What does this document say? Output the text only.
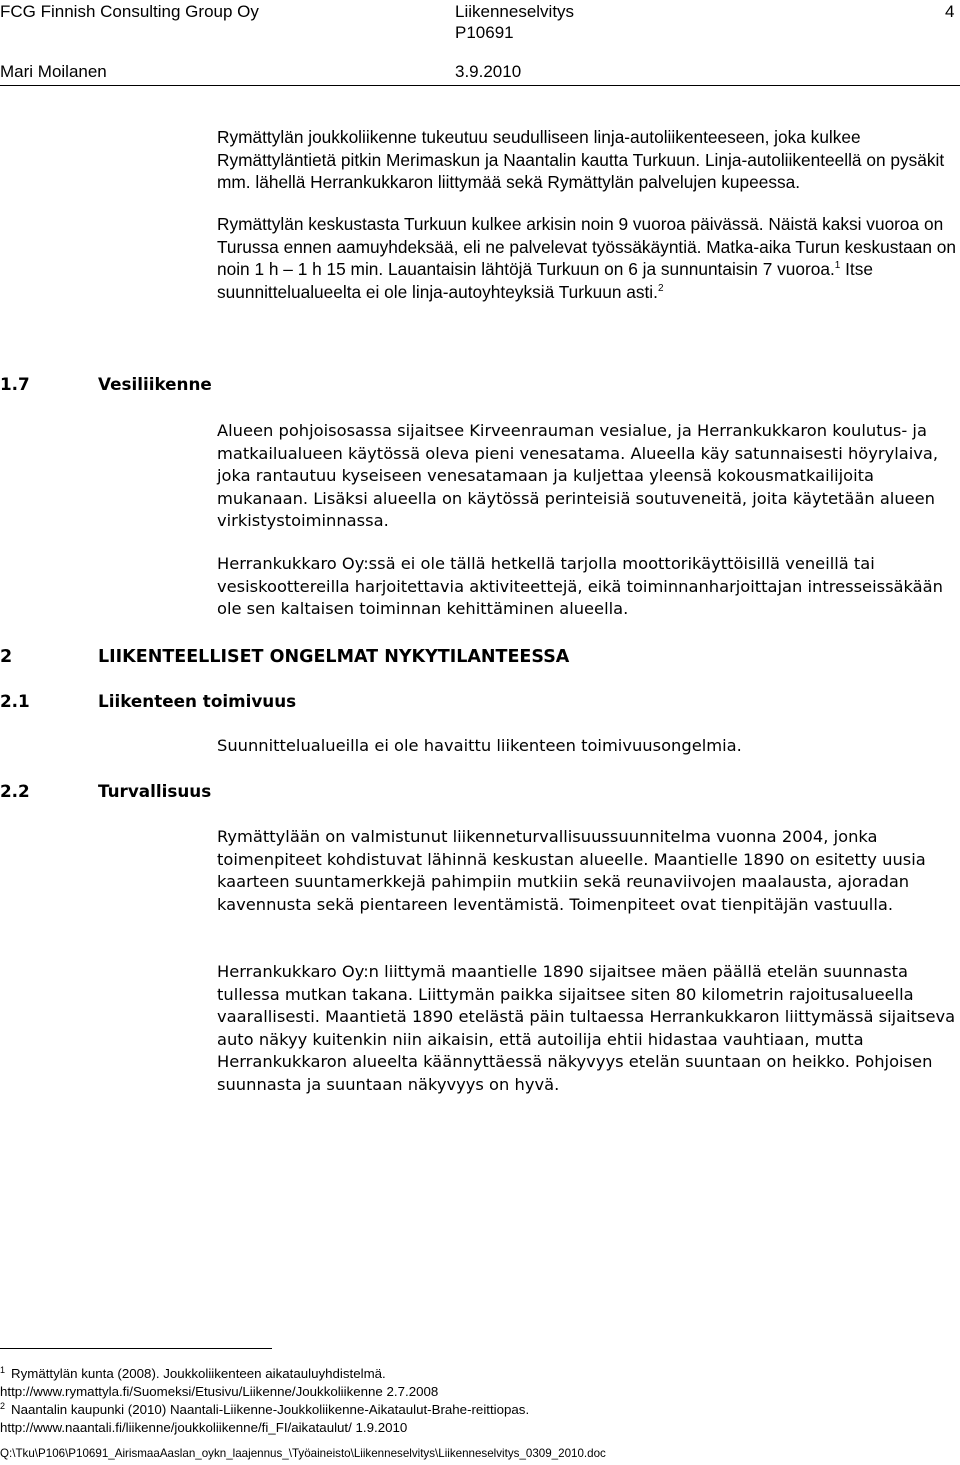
FCG Finnish Consulting Group Oy	Liikenneselvitys
P10691
4
Mari Moilanen	3.9.2010

Rymättylän joukkoliikenne tukeutuu seudulliseen linja-autoliikenteeseen, joka kulkee Rymättyläntietä pitkin Merimaskun ja Naantalin kautta Turkuun. Linja-autoliikenteellä on pysäkit mm. lähellä Herrankukkaron liittymää sekä Rymättylän palvelujen kupeessa.

Rymättylän keskustasta Turkuun kulkee arkisin noin 9 vuoroa päivässä. Näistä kaksi vuoroa on Turussa ennen aamuyhdeksää, eli ne palvelevat työssäkäyntiä. Matka-aika Turun keskustaan on noin 1 h – 1 h 15 min. Lauantaisin lähtöjä Turkuun on 6 ja sunnuntaisin 7 vuoroa.$^1$ Itse suunnittelualueelta ei ole linja-autoyhteyksiä Turkuun asti.$^2$

1.7	Vesiliikenne

Alueen pohjoisosassa sijaitsee Kirveenrauman vesialue, ja Herrankukkaron koulutus- ja matkailualueen käytössä oleva pieni venesatama. Alueella käy satunnaisesti höyrylaiva, joka rantautuu kyseiseen venesatamaan ja kuljettaa yleensä kokousmatkailijoita mukanaan. Lisäksi alueella on käytössä perinteisiä soutuveneitä, joita käytetään alueen virkistystoiminnassa.

Herrankukkaro Oy:ssä ei ole tällä hetkellä tarjolla moottorikäyttöisillä veneillä tai vesiskoottereilla harjoitettavia aktiviteettejä, eikä toiminnanharjoittajan intresseissäkään ole sen kaltaisen toiminnan kehittäminen alueella.

2	LIIKENTEELLISET ONGELMAT NYKYTILANTEESSA
2.1	Liikenteen toimivuus

Suunnittelualueilla ei ole havaittu liikenteen toimivuusongelmia.

2.2	Turvallisuus

Rymättylään on valmistunut liikenneturvallisuussuunnitelma vuonna 2004, jonka toimenpiteet kohdistuvat lähinnä keskustan alueelle. Maantielle 1890 on esitetty uusia kaarteen suuntamerkkejä pahimpiin mutkiin sekä reunaviivojen maalausta, ajoradan kavennusta sekä pientareen leventämistä. Toimenpiteet ovat tienpitäjän vastuulla.

Herrankukkaro Oy:n liittymä maantielle 1890 sijaitsee mäen päällä etelän suunnasta tullessa mutkan takana. Liittymän paikka sijaitsee siten 80 kilometrin rajoitusalueella vaarallisesti. Maantietä 1890 etelästä päin tultaessa Herrankukkaron liittymässä sijaitseva auto näkyy kuitenkin niin aikaisin, että autoilija ehtii hidastaa vauhtiaan, mutta Herrankukkaron alueelta käännyttäessä näkyvyys etelän suuntaan on heikko. Pohjoisen suunnasta ja suuntaan näkyvyys on hyvä.

$^1$ Rymättylän kunta (2008). Joukkoliikenteen aikatauluyhdistelmä.
http://www.rymattyla.fi/Suomeksi/Etusivu/Liikenne/Joukkoliikenne 2.7.2008
$^2$ Naantalin kaupunki (2010) Naantali-Liikenne-Joukkoliikenne-Aikataulut-Brahe-reittiopas.
http://www.naantali.fi/liikenne/joukkoliikenne/fi_FI/aikataulut/ 1.9.2010
Q:\Tku\P106\P10691_AirismaaAaslan_oykn_laajennus_\Työaineisto\Liikenneselvitys\Liikenneselvitys_0309_2010.doc
